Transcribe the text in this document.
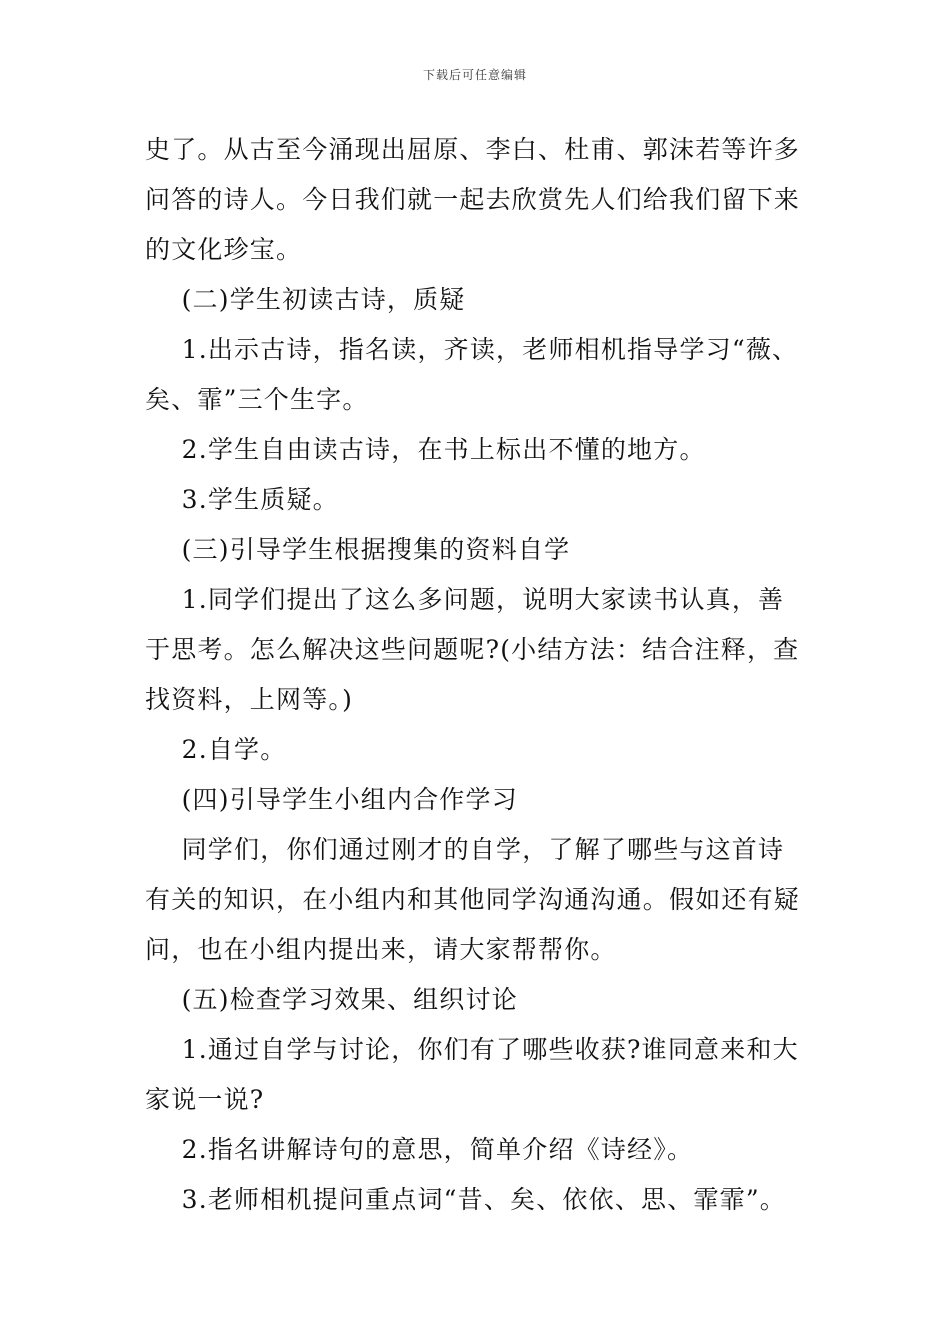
下载后可任意编辑

史了。从古至今涌现出屈原、李白、杜甫、郭沫若等许多
问答的诗人。今日我们就一起去欣赏先人们给我们留下来
的文化珍宝。

(二)学生初读古诗，质疑

1.出示古诗，指名读，齐读，老师相机指导学习“薇、
矣、霏”三个生字。

2.学生自由读古诗，在书上标出不懂的地方。

3.学生质疑。

(三)引导学生根据搜集的资料自学

1.同学们提出了这么多问题，说明大家读书认真，善
于思考。怎么解决这些问题呢?(小结方法：结合注释，查
找资料，上网等。)

2.自学。

(四)引导学生小组内合作学习

同学们，你们通过刚才的自学，了解了哪些与这首诗
有关的知识，在小组内和其他同学沟通沟通。假如还有疑
问，也在小组内提出来，请大家帮帮你。

(五)检查学习效果、组织讨论

1.通过自学与讨论，你们有了哪些收获?谁同意来和大
家说一说?

2.指名讲解诗句的意思，简单介绍《诗经》。

3.老师相机提问重点词“昔、矣、依依、思、霏霏”。
